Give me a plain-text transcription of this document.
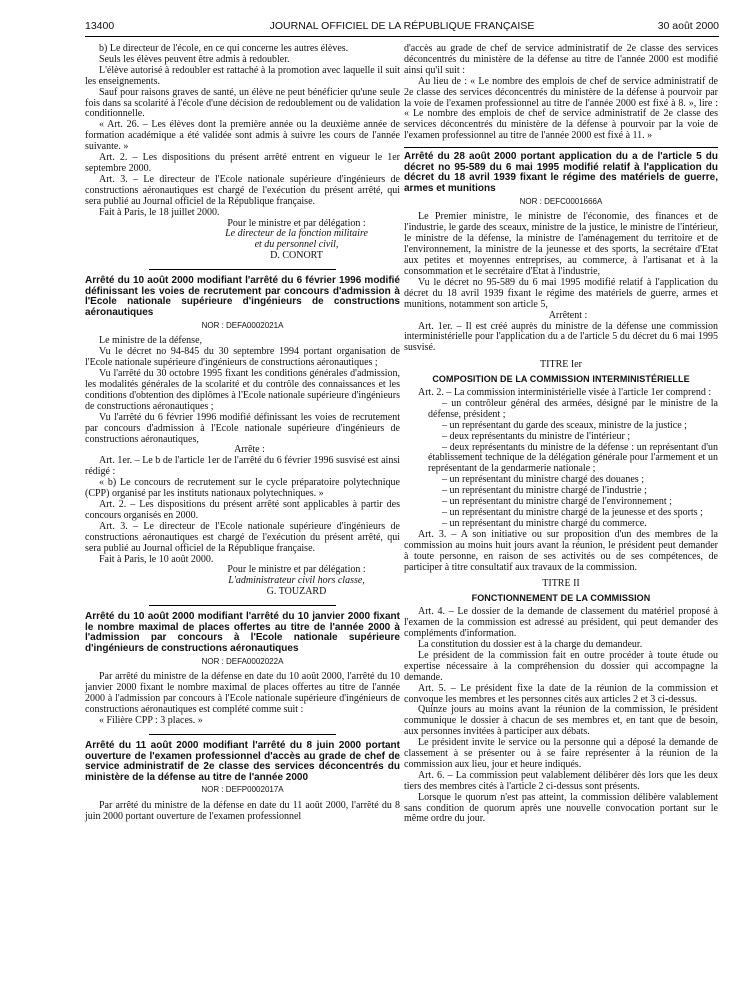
13400	JOURNAL OFFICIEL DE LA RÉPUBLIQUE FRANÇAISE	30 août 2000

b) Le directeur de l'école, en ce qui concerne les autres élèves.

Seuls les élèves peuvent être admis à redoubler.

L'élève autorisé à redoubler est rattaché à la promotion avec laquelle il suit les enseignements.

Sauf pour raisons graves de santé, un élève ne peut bénéficier qu'une seule fois dans sa scolarité à l'école d'une décision de redoublement ou de validation conditionnelle.

« Art. 26. – Les élèves dont la première année ou la deuxième année de formation académique a été validée sont admis à suivre les cours de l'année suivante. »

Art. 2. – Les dispositions du présent arrêté entrent en vigueur le 1er septembre 2000.

Art. 3. – Le directeur de l'Ecole nationale supérieure d'ingénieurs de constructions aéronautiques est chargé de l'exécution du présent arrêté, qui sera publié au Journal officiel de la République française.

Fait à Paris, le 18 juillet 2000.

Pour le ministre et par délégation :
Le directeur de la fonction militaire
et du personnel civil,
D. CONORT
Arrêté du 10 août 2000 modifiant l'arrêté du 6 février 1996 modifié définissant les voies de recrutement par concours d'admission à l'Ecole nationale supérieure d'ingénieurs de constructions aéronautiques
NOR : DEFA0002021A

Le ministre de la défense,

Vu le décret no 94-845 du 30 septembre 1994 portant organisation de l'Ecole nationale supérieure d'ingénieurs de constructions aéronautiques ;

Vu l'arrêté du 30 octobre 1995 fixant les conditions générales d'admission, les modalités générales de la scolarité et du contrôle des connaissances et les conditions d'obtention des diplômes à l'Ecole nationale supérieure d'ingénieurs de constructions aéronautiques ;

Vu l'arrêté du 6 février 1996 modifié définissant les voies de recrutement par concours d'admission à l'Ecole nationale supérieure d'ingénieurs de constructions aéronautiques,

Arrête :

Art. 1er. – Le b de l'article 1er de l'arrêté du 6 février 1996 susvisé est ainsi rédigé :

« b) Le concours de recrutement sur le cycle préparatoire polytechnique (CPP) organisé par les instituts nationaux polytechniques. »

Art. 2. – Les dispositions du présent arrêté sont applicables à partir des concours organisés en 2000.

Art. 3. – Le directeur de l'Ecole nationale supérieure d'ingénieurs de constructions aéronautiques est chargé de l'exécution du présent arrêté, qui sera publié au Journal officiel de la République française.

Fait à Paris, le 10 août 2000.

Pour le ministre et par délégation :
L'administrateur civil hors classe,
G. TOUZARD
Arrêté du 10 août 2000 modifiant l'arrêté du 10 janvier 2000 fixant le nombre maximal de places offertes au titre de l'année 2000 à l'admission par concours à l'Ecole nationale supérieure d'ingénieurs de constructions aéronautiques
NOR : DEFA0002022A

Par arrêté du ministre de la défense en date du 10 août 2000, l'arrêté du 10 janvier 2000 fixant le nombre maximal de places offertes au titre de l'année 2000 à l'admission par concours à l'Ecole nationale supérieure d'ingénieurs de constructions aéronautiques est complété comme suit :

« Filière CPP : 3 places. »

Arrêté du 11 août 2000 modifiant l'arrêté du 8 juin 2000 portant ouverture de l'examen professionnel d'accès au grade de chef de service administratif de 2e classe des services déconcentrés du ministère de la défense au titre de l'année 2000
NOR : DEFP0002017A

Par arrêté du ministre de la défense en date du 11 août 2000, l'arrêté du 8 juin 2000 portant ouverture de l'examen professionnel

d'accès au grade de chef de service administratif de 2e classe des services déconcentrés du ministère de la défense au titre de l'année 2000 est modifié ainsi qu'il suit :

Au lieu de : « Le nombre des emplois de chef de service administratif de 2e classe des services déconcentrés du ministère de la défense à pourvoir par la voie de l'examen professionnel au titre de l'année 2000 est fixé à 8. », lire : « Le nombre des emplois de chef de service administratif de 2e classe des services déconcentrés du ministère de la défense à pourvoir par la voie de l'examen professionnel au titre de l'année 2000 est fixé à 11. »

Arrêté du 28 août 2000 portant application du a de l'article 5 du décret no 95-589 du 6 mai 1995 modifié relatif à l'application du décret du 18 avril 1939 fixant le régime des matériels de guerre, armes et munitions
NOR : DEFC0001666A

Le Premier ministre, le ministre de l'économie, des finances et de l'industrie, le garde des sceaux, ministre de la justice, le ministre de l'intérieur, le ministre de la défense, la ministre de l'aménagement du territoire et de l'environnement, la ministre de la jeunesse et des sports, la secrétaire d'Etat aux petites et moyennes entreprises, au commerce, à l'artisanat et à la consommation et le secrétaire d'Etat à l'industrie,

Vu le décret no 95-589 du 6 mai 1995 modifié relatif à l'application du décret du 18 avril 1939 fixant le régime des matériels de guerre, armes et munitions, notamment son article 5,

Arrêtent :

Art. 1er. – Il est créé auprès du ministre de la défense une commission interministérielle pour l'application du a de l'article 5 du décret du 6 mai 1995 susvisé.

TITRE Ier
COMPOSITION DE LA COMMISSION INTERMINISTÉRIELLE

Art. 2. – La commission interministérielle visée à l'article 1er comprend :

– un contrôleur général des armées, désigné par le ministre de la défense, président ;

– un représentant du garde des sceaux, ministre de la justice ;

– deux représentants du ministre de l'intérieur ;

– deux représentants du ministre de la défense : un représentant d'un établissement technique de la délégation générale pour l'armement et un représentant de la gendarmerie nationale ;

– un représentant du ministre chargé des douanes ;

– un représentant du ministre chargé de l'industrie ;

– un représentant du ministre chargé de l'environnement ;

– un représentant du ministre chargé de la jeunesse et des sports ;

– un représentant du ministre chargé du commerce.

Art. 3. – A son initiative ou sur proposition d'un des membres de la commission au moins huit jours avant la réunion, le président peut demander à toute personne, en raison de ses activités ou de ses compétences, de participer à titre consultatif aux travaux de la commission.

TITRE II
FONCTIONNEMENT DE LA COMMISSION

Art. 4. – Le dossier de la demande de classement du matériel proposé à l'examen de la commission est adressé au président, qui peut demander des compléments d'information.

La constitution du dossier est à la charge du demandeur.

Le président de la commission fait en outre procéder à toute étude ou expertise nécessaire à la compréhension du dossier qui accompagne la demande.

Art. 5. – Le président fixe la date de la réunion de la commission et convoque les membres et les personnes cités aux articles 2 et 3 ci-dessus.

Quinze jours au moins avant la réunion de la commission, le président communique le dossier à chacun de ses membres et, en tant que de besoin, aux personnes invitées à participer aux débats.

Le président invite le service ou la personne qui a déposé la demande de classement à se présenter ou à se faire représenter à la réunion de la commission aux lieu, jour et heure indiqués.

Art. 6. – La commission peut valablement délibérer dès lors que les deux tiers des membres cités à l'article 2 ci-dessus sont présents.

Lorsque le quorum n'est pas atteint, la commission délibère valablement sans condition de quorum après une nouvelle convocation portant sur le même ordre du jour.
